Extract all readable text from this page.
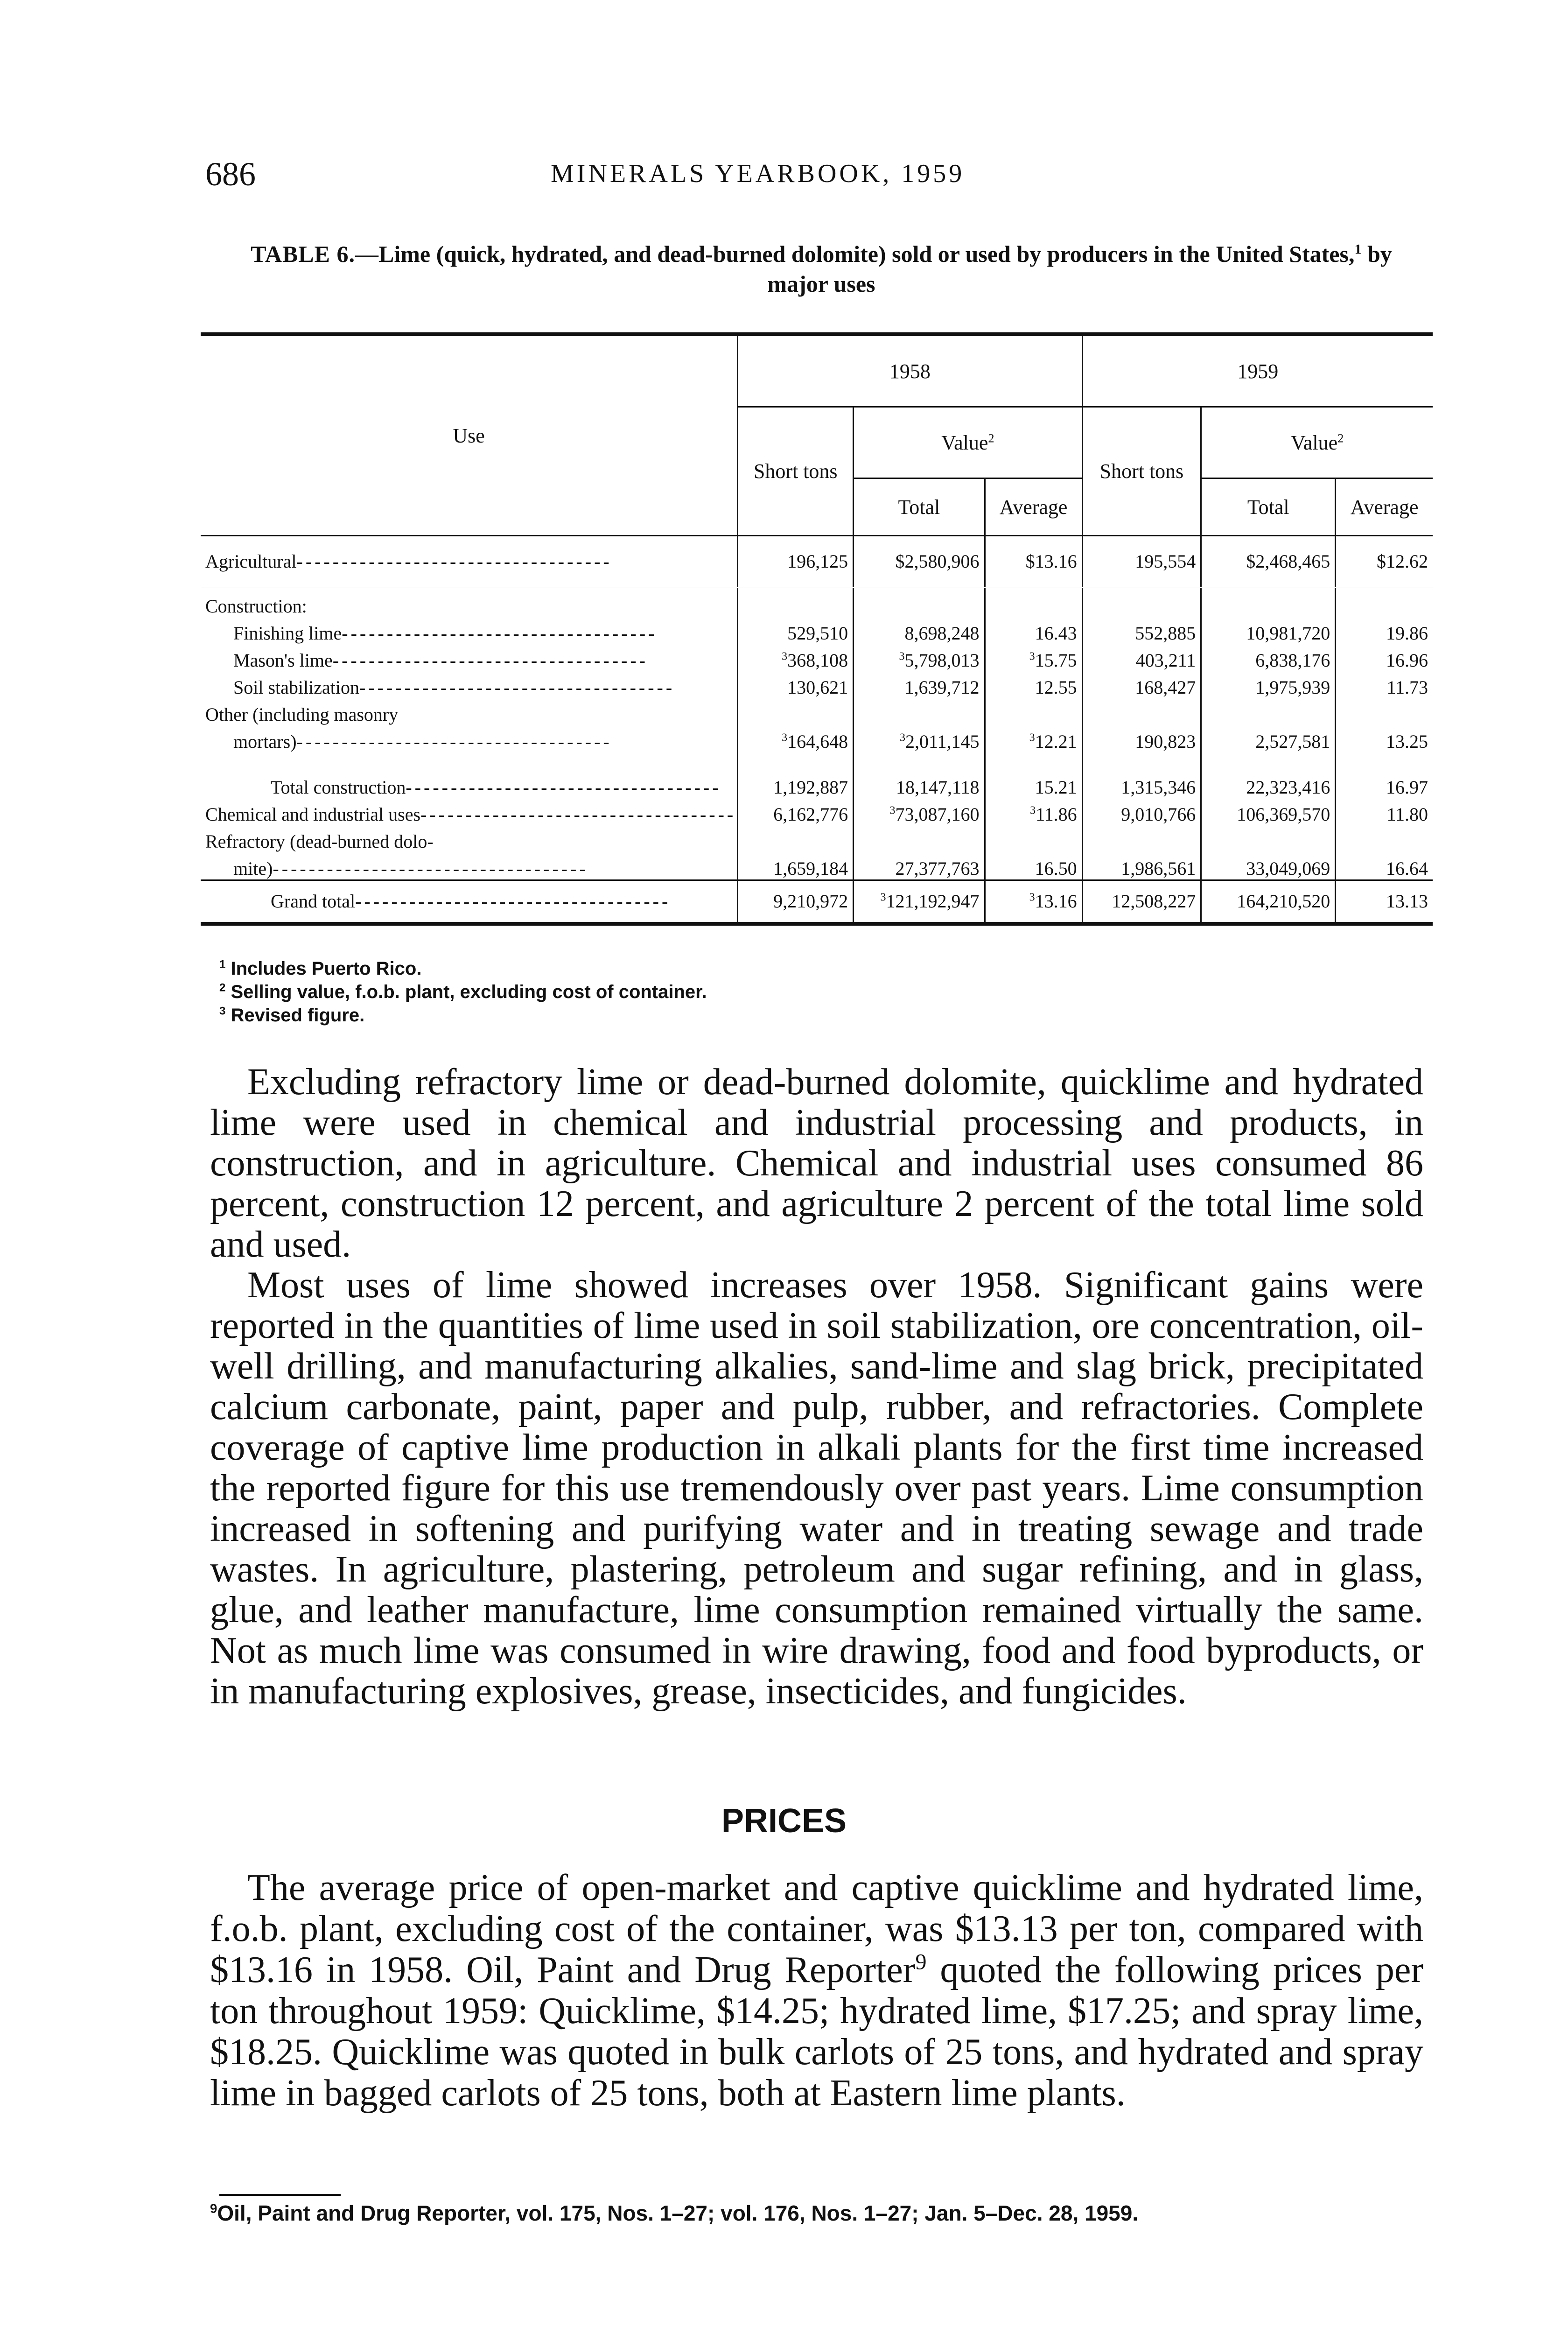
686	MINERALS YEARBOOK, 1959
TABLE 6.—Lime (quick, hydrated, and dead-burned dolomite) sold or used by producers in the United States,$^1$ by major uses
Use	1958			1959		
	Short tons	Value$^2$		Short tons	Value$^2$
		Total	Average		Total	Average
Agricultural - - -	196,125	$2,580,906	$13.16	195,554	$2,468,465	$12.62
Construction:						
Finishing lime - - -	529,510	8,698,248	16.43	552,885	10,981,720	19.86
Mason's lime - - -	$^3$368,108	$^3$5,798,013	$^3$15.75	403,211	6,838,176	16.96
Soil stabilization - - -	130,621	1,639,712	12.55	168,427	1,975,939	11.73
Other (including masonry						
mortars) - - -	$^3$164,648	$^3$2,011,145	$^3$12.21	190,823	2,527,581	13.25

Total construction - - -	1,192,887	18,147,118	15.21	1,315,346	22,323,416	16.97
Chemical and industrial uses - - -	6,162,776	$^3$73,087,160	$^3$11.86	9,010,766	106,369,570	11.80
Refractory (dead-burned dolo-						
mite) - - -	1,659,184	27,377,763	16.50	1,986,561	33,049,069	16.64
Grand total - - -	9,210,972	$^3$121,192,947	$^3$13.16	12,508,227	164,210,520	13.13
$^1$ Includes Puerto Rico.
$^2$ Selling value, f.o.b. plant, excluding cost of container.
$^3$ Revised figure.

Excluding refractory lime or dead-burned dolomite, quicklime and hydrated lime were used in chemical and industrial processing and products, in construction, and in agriculture. Chemical and industrial uses consumed 86 percent, construction 12 percent, and agriculture 2 percent of the total lime sold and used.

Most uses of lime showed increases over 1958. Significant gains were reported in the quantities of lime used in soil stabilization, ore concentration, oil-well drilling, and manufacturing alkalies, sand-lime and slag brick, precipitated calcium carbonate, paint, paper and pulp, rubber, and refractories. Complete coverage of captive lime production in alkali plants for the first time increased the reported figure for this use tremendously over past years. Lime consumption increased in softening and purifying water and in treating sewage and trade wastes. In agriculture, plastering, petroleum and sugar refining, and in glass, glue, and leather manufacture, lime consumption remained virtually the same. Not as much lime was consumed in wire drawing, food and food byproducts, or in manufacturing explosives, grease, insecticides, and fungicides.

PRICES

The average price of open-market and captive quicklime and hydrated lime, f.o.b. plant, excluding cost of the container, was $13.13 per ton, compared with $13.16 in 1958. Oil, Paint and Drug Reporter$^9$ quoted the following prices per ton throughout 1959: Quicklime, $14.25; hydrated lime, $17.25; and spray lime, $18.25. Quicklime was quoted in bulk carlots of 25 tons, and hydrated and spray lime in bagged carlots of 25 tons, both at Eastern lime plants.

$^9$Oil, Paint and Drug Reporter, vol. 175, Nos. 1–27; vol. 176, Nos. 1–27; Jan. 5–Dec. 28, 1959.
